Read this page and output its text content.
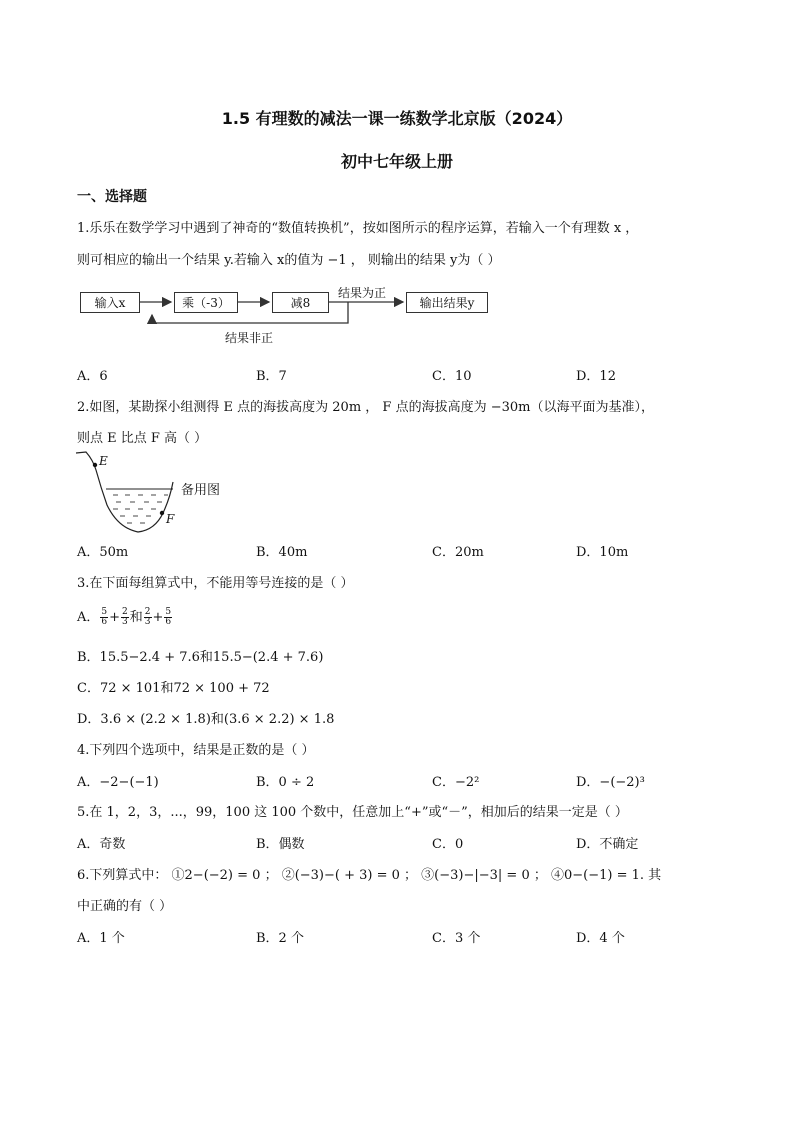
1.5 有理数的减法一课一练数学北京版（2024）
初中七年级上册
一、选择题
1.乐乐在数学学习中遇到了神奇的“数值转换机”，按如图所示的程序运算，若输入一个有理数 x ，
则可相应的输出一个结果 y.若输入 x的值为 −1 ， 则输出的结果 y为（ ）
输入x	乘（-3）	减8
结果为正
输出结果y
结果非正
A．6	B．7	C．10	D．12
2.如图，某勘探小组测得 E 点的海拔高度为 20m ， F 点的海拔高度为 −30m（以海平面为基准），
则点 E 比点 F 高（ ）
E
F
备用图
A．50m	B．40m	C．20m	D．10m
3.在下面每组算式中，不能用等号连接的是（ ）
A． $\frac{5}{6} + \frac{2}{3}$ 和 $\frac{2}{3} + \frac{5}{6}$
B．15.5−2.4 + 7.6和15.5−(2.4 + 7.6)
C．72 × 101和72 × 100 + 72
D．3.6 × (2.2 × 1.8)和(3.6 × 2.2) × 1.8
4.下列四个选项中，结果是正数的是（ ）
A．−2−(−1)	B．0 ÷ 2	C．−2²	D．−(−2)³
5.在 1，2，3，...，99，100 这 100 个数中，任意加上“+”或“－”，相加后的结果一定是（ ）
A．奇数	B．偶数	C．0	D．不确定
6.下列算式中： ①2−(−2) = 0 ； ②(−3)−( + 3) = 0 ； ③(−3)−|−3| = 0 ； ④0−(−1) = 1. 其
中正确的有（ ）
A．1 个	B．2 个	C．3 个	D．4 个
